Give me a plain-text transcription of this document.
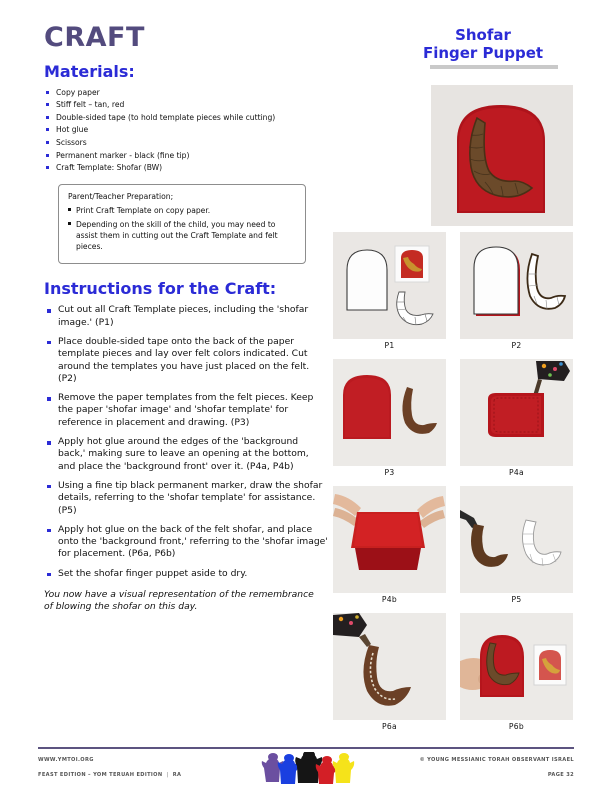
CRAFT
Materials:
Copy paper
Stiff felt – tan, red
Double-sided tape (to hold template pieces while cutting)
Hot glue
Scissors
Permanent marker - black (fine tip)
Craft Template: Shofar (BW)
Parent/Teacher Preparation;
Print Craft Template on copy paper.
Depending on the skill of the child, you may need to assist them in cutting out the Craft Template and felt pieces.
Instructions for the Craft:
Cut out all Craft Template pieces, including the 'shofar image.' (P1)
Place double-sided tape onto the back of the paper template pieces and lay over felt colors indicated. Cut around the templates you have just placed on the felt. (P2)
Remove the paper templates from the felt pieces. Keep the paper 'shofar image' and 'shofar template' for reference in placement and drawing. (P3)
Apply hot glue around the edges of the 'background back,' making sure to leave an opening at the bottom, and place the 'background front' over it. (P4a, P4b)
Using a fine tip black permanent marker, draw the shofar details, referring to the 'shofar template' for assistance. (P5)
Apply hot glue on the back of the felt shofar, and place onto the 'background front,' referring to the 'shofar image' for placement. (P6a, P6b)
Set the shofar finger puppet aside to dry.
You now have a visual representation of the remembrance of blowing the shofar on this day.
Shofar
Finger Puppet
P1	P2
P3	P4a
P4b	P5
P6a	P6b
WWW.YMTOI.ORG
FEAST EDITION – YOM TERUAH EDITION | RA
© YOUNG MESSIANIC TORAH OBSERVANT ISRAEL
PAGE 32
